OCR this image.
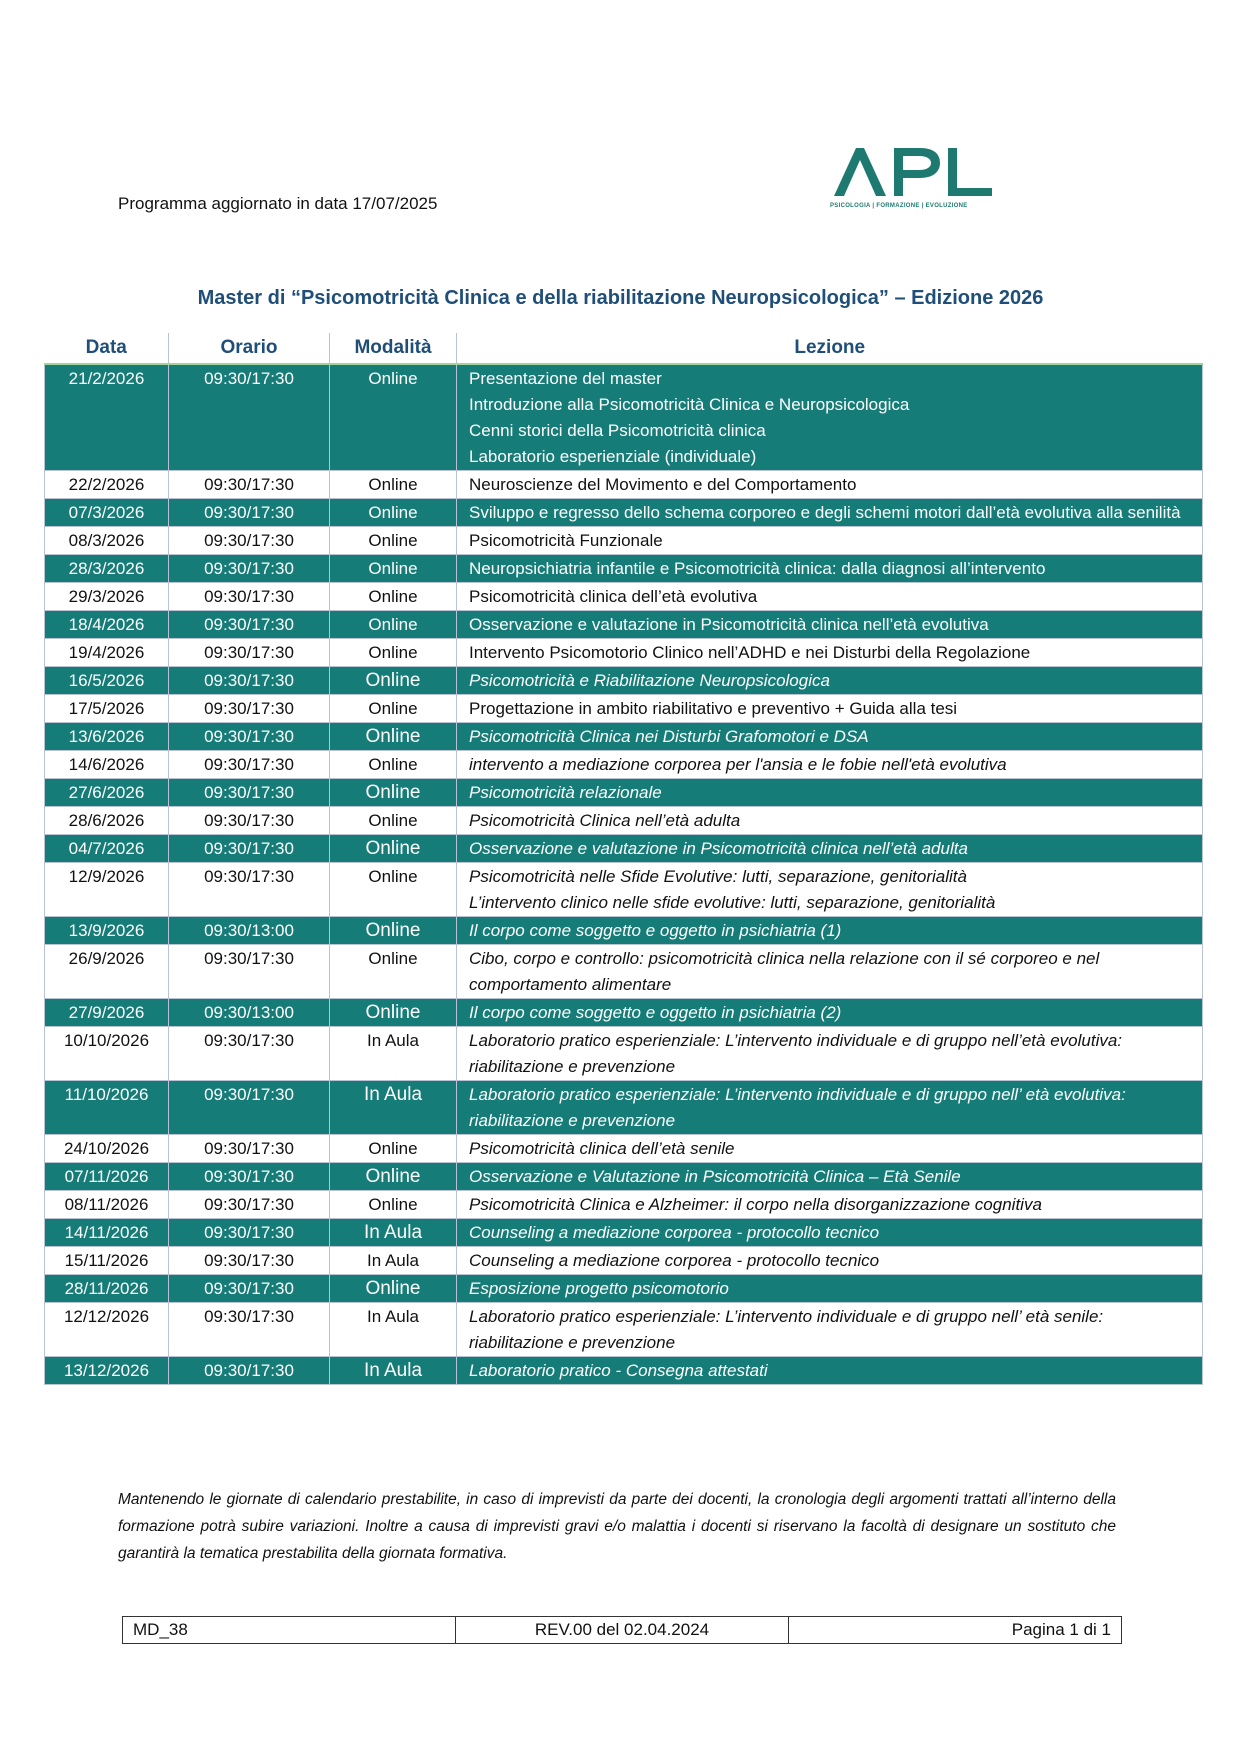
Programma aggiornato in data 17/07/2025	PSICOLOGIA | FORMAZIONE | EVOLUZIONE
Master di “Psicomotricità Clinica e della riabilitazione Neuropsicologica” – Edizione 2026
Data	Orario	Modalità	Lezione
21/2/2026	09:30/17:30	Online	Presentazione del master
Introduzione alla Psicomotricità Clinica e Neuropsicologica
Cenni storici della Psicomotricità clinica
Laboratorio esperienziale (individuale)

22/2/2026	09:30/17:30	Online	Neuroscienze del Movimento e del Comportamento

07/3/2026	09:30/17:30	Online	Sviluppo e regresso dello schema corporeo e degli schemi motori dall’età evolutiva alla senilità

08/3/2026	09:30/17:30	Online	Psicomotricità Funzionale

28/3/2026	09:30/17:30	Online	Neuropsichiatria infantile e Psicomotricità clinica: dalla diagnosi all’intervento

29/3/2026	09:30/17:30	Online	Psicomotricità clinica dell’età evolutiva

18/4/2026	09:30/17:30	Online	Osservazione e valutazione in Psicomotricità clinica nell’età evolutiva

19/4/2026	09:30/17:30	Online	Intervento Psicomotorio Clinico nell’ADHD e nei Disturbi della Regolazione

16/5/2026	09:30/17:30	Online	Psicomotricità e Riabilitazione Neuropsicologica

17/5/2026	09:30/17:30	Online	Progettazione in ambito riabilitativo e preventivo + Guida alla tesi

13/6/2026	09:30/17:30	Online	Psicomotricità Clinica nei Disturbi Grafomotori e DSA

14/6/2026	09:30/17:30	Online	intervento a mediazione corporea per l'ansia e le fobie nell'età evolutiva

27/6/2026	09:30/17:30	Online	Psicomotricità relazionale

28/6/2026	09:30/17:30	Online	Psicomotricità Clinica nell’età adulta

04/7/2026	09:30/17:30	Online	Osservazione e valutazione in Psicomotricità clinica nell’età adulta

12/9/2026	09:30/17:30	Online	Psicomotricità nelle Sfide Evolutive: lutti, separazione, genitorialità
L’intervento clinico nelle sfide evolutive: lutti, separazione, genitorialità

13/9/2026	09:30/13:00	Online	Il corpo come soggetto e oggetto in psichiatria (1)

26/9/2026	09:30/17:30	Online	Cibo, corpo e controllo: psicomotricità clinica nella relazione con il sé corporeo e nel comportamento alimentare

27/9/2026	09:30/13:00	Online	Il corpo come soggetto e oggetto in psichiatria (2)

10/10/2026	09:30/17:30	In Aula	Laboratorio pratico esperienziale: L’intervento individuale e di gruppo nell’età evolutiva: riabilitazione e prevenzione

11/10/2026	09:30/17:30	In Aula	Laboratorio pratico esperienziale: L’intervento individuale e di gruppo nell’ età evolutiva: riabilitazione e prevenzione

24/10/2026	09:30/17:30	Online	Psicomotricità clinica dell’età senile

07/11/2026	09:30/17:30	Online	Osservazione e Valutazione in Psicomotricità Clinica – Età Senile

08/11/2026	09:30/17:30	Online	Psicomotricità Clinica e Alzheimer: il corpo nella disorganizzazione cognitiva

14/11/2026	09:30/17:30	In Aula	Counseling a mediazione corporea - protocollo tecnico

15/11/2026	09:30/17:30	In Aula	Counseling a mediazione corporea - protocollo tecnico

28/11/2026	09:30/17:30	Online	Esposizione progetto psicomotorio

12/12/2026	09:30/17:30	In Aula	Laboratorio pratico esperienziale: L’intervento individuale e di gruppo nell’ età senile: riabilitazione e prevenzione

13/12/2026	09:30/17:30	In Aula	Laboratorio pratico - Consegna attestati
Mantenendo le giornate di calendario prestabilite, in caso di imprevisti da parte dei docenti, la cronologia degli argomenti trattati all’interno della formazione potrà subire variazioni. Inoltre a causa di imprevisti gravi e/o malattia i docenti si riservano la facoltà di designare un sostituto che garantirà la tematica prestabilita della giornata formativa.
MD_38	REV.00 del 02.04.2024	Pagina 1 di 1
